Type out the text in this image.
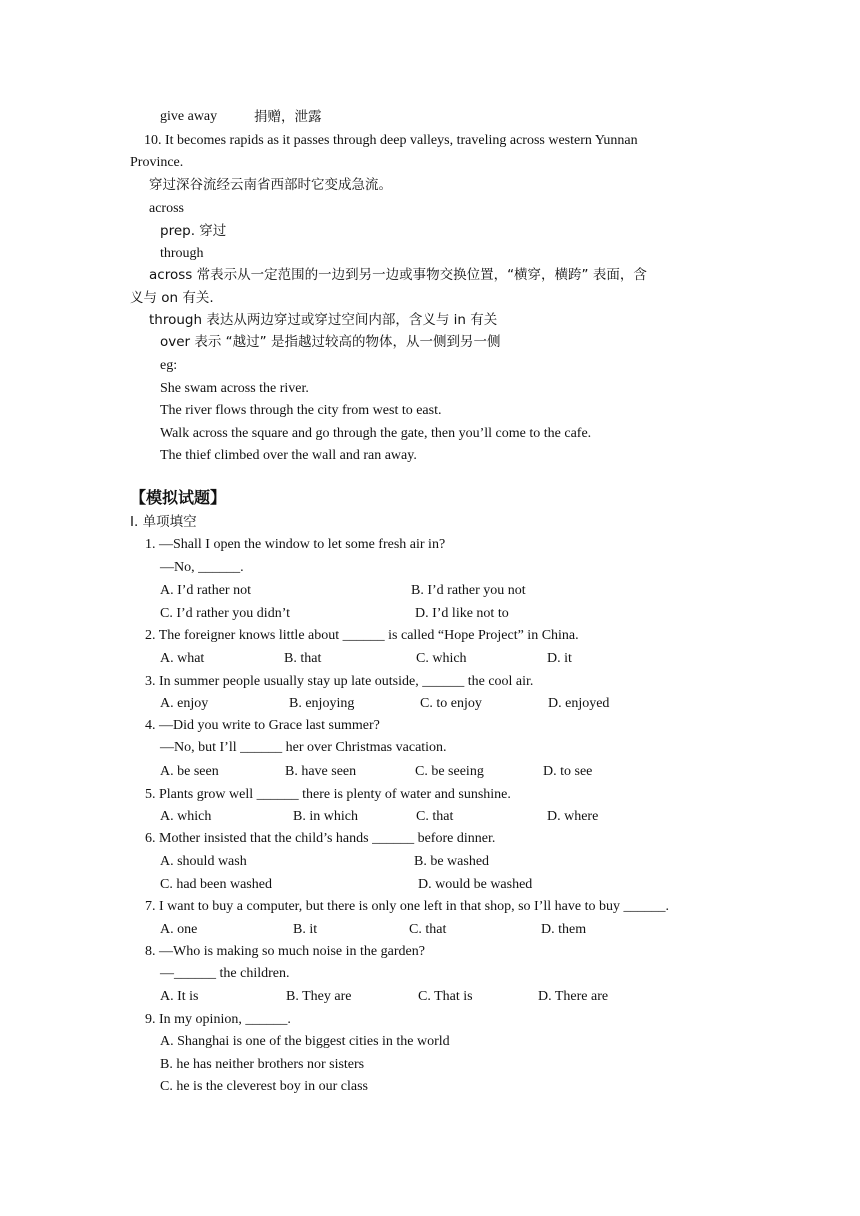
give away	捐赠，泄露
10. It becomes rapids as it passes through deep valleys, traveling across western Yunnan
Province.
穿过深谷流经云南省西部时它变成急流。
across
prep. 穿过
through
across 常表示从一定范围的一边到另一边或事物交换位置，“横穿，横跨” 表面，含
义与 on 有关.
through 表达从两边穿过或穿过空间内部，含义与 in 有关
over 表示 “越过” 是指越过较高的物体，从一侧到另一侧
eg:
She swam across the river.
The river flows through the city from west to east.
Walk across the square and go through the gate, then you’ll come to the cafe.
The thief climbed over the wall and ran away.
【模拟试题】
I. 单项填空
1. —Shall I open the window to let some fresh air in?
—No, ______.
A. I’d rather not	B. I’d rather you not
C. I’d rather you didn’t	D. I’d like not to
2. The foreigner knows little about ______ is called “Hope Project” in China.
A. what	B. that	C. which	D. it
3. In summer people usually stay up late outside, ______ the cool air.
A. enjoy	B. enjoying	C. to enjoy	D. enjoyed
4. —Did you write to Grace last summer?
—No, but I’ll ______ her over Christmas vacation.
A. be seen	B. have seen	C. be seeing	D. to see
5. Plants grow well ______ there is plenty of water and sunshine.
A. which	B. in which	C. that	D. where
6. Mother insisted that the child’s hands ______ before dinner.
A. should wash	B. be washed
C. had been washed	D. would be washed
7. I want to buy a computer, but there is only one left in that shop, so I’ll have to buy ______.
A. one	B. it	C. that	D. them
8. —Who is making so much noise in the garden?
—______ the children.
A. It is	B. They are	C. That is	D. There are
9. In my opinion, ______.
A. Shanghai is one of the biggest cities in the world
B. he has neither brothers nor sisters
C. he is the cleverest boy in our class
